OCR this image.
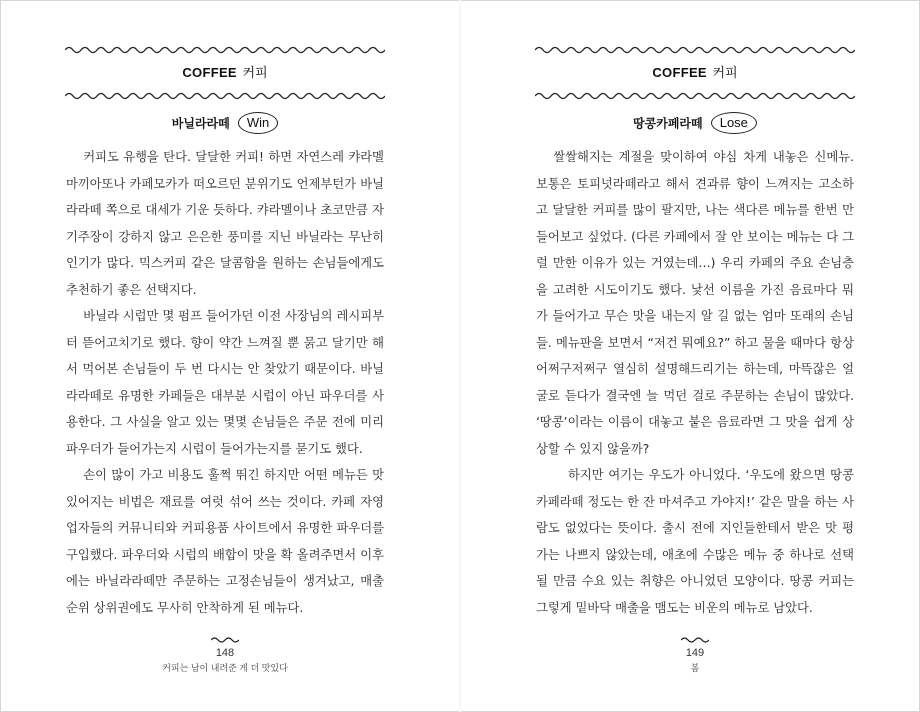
COFFEE 커피
바닐라라떼 Win

커피도 유행을 탄다. 달달한 커피! 하면 자연스레 캬라멜 마끼아또나 카페모카가 떠오르던 분위기도 언제부턴가 바닐라라떼 쪽으로 대세가 기운 듯하다. 캬라멜이나 초코만큼 자기주장이 강하지 않고 은은한 풍미를 지닌 바닐라는 무난히 인기가 많다. 믹스커피 같은 달콤함을 원하는 손님들에게도 추천하기 좋은 선택지다.

바닐라 시럽만 몇 펌프 들어가던 이전 사장님의 레시피부터 뜯어고치기로 했다. 향이 약간 느껴질 뿐 묽고 달기만 해서 먹어본 손님들이 두 번 다시는 안 찾았기 때문이다. 바닐라라떼로 유명한 카페들은 대부분 시럽이 아닌 파우더를 사용한다. 그 사실을 알고 있는 몇몇 손님들은 주문 전에 미리 파우더가 들어가는지 시럽이 들어가는지를 묻기도 했다.

손이 많이 가고 비용도 훌쩍 뛰긴 하지만 어떤 메뉴든 맛있어지는 비법은 재료를 여럿 섞어 쓰는 것이다. 카페 자영업자들의 커뮤니티와 커피용품 사이트에서 유명한 파우더를 구입했다. 파우더와 시럽의 배합이 맛을 확 올려주면서 이후에는 바닐라라떼만 주문하는 고정손님들이 생겨났고, 매출 순위 상위권에도 무사히 안착하게 된 메뉴다.

148
커피는 남이 내려준 게 더 맛있다
COFFEE 커피
땅콩카페라떼 Lose

쌀쌀해지는 계절을 맞이하여 야심 차게 내놓은 신메뉴. 보통은 토피넛라떼라고 해서 견과류 향이 느껴지는 고소하고 달달한 커피를 많이 팔지만, 나는 색다른 메뉴를 한번 만들어보고 싶었다. (다른 카페에서 잘 안 보이는 메뉴는 다 그럴 만한 이유가 있는 거였는데…) 우리 카페의 주요 손님층을 고려한 시도이기도 했다. 낯선 이름을 가진 음료마다 뭐가 들어가고 무슨 맛을 내는지 알 길 없는 엄마 또래의 손님들. 메뉴판을 보면서 “저건 뭐예요?” 하고 물을 때마다 항상 어쩌구저쩌구 열심히 설명해드리기는 하는데, 마뜩잖은 얼굴로 듣다가 결국엔 늘 먹던 걸로 주문하는 손님이 많았다. ‘땅콩’이라는 이름이 대놓고 붙은 음료라면 그 맛을 쉽게 상상할 수 있지 않을까?

하지만 여기는 우도가 아니었다. ‘우도에 왔으면 땅콩카페라떼 정도는 한 잔 마셔주고 가야지!’ 같은 말을 하는 사람도 없었다는 뜻이다. 출시 전에 지인들한테서 받은 맛 평가는 나쁘지 않았는데, 애초에 수많은 메뉴 중 하나로 선택될 만큼 수요 있는 취향은 아니었던 모양이다. 땅콩 커피는 그렇게 밑바닥 매출을 맴도는 비운의 메뉴로 남았다.

149
봄
